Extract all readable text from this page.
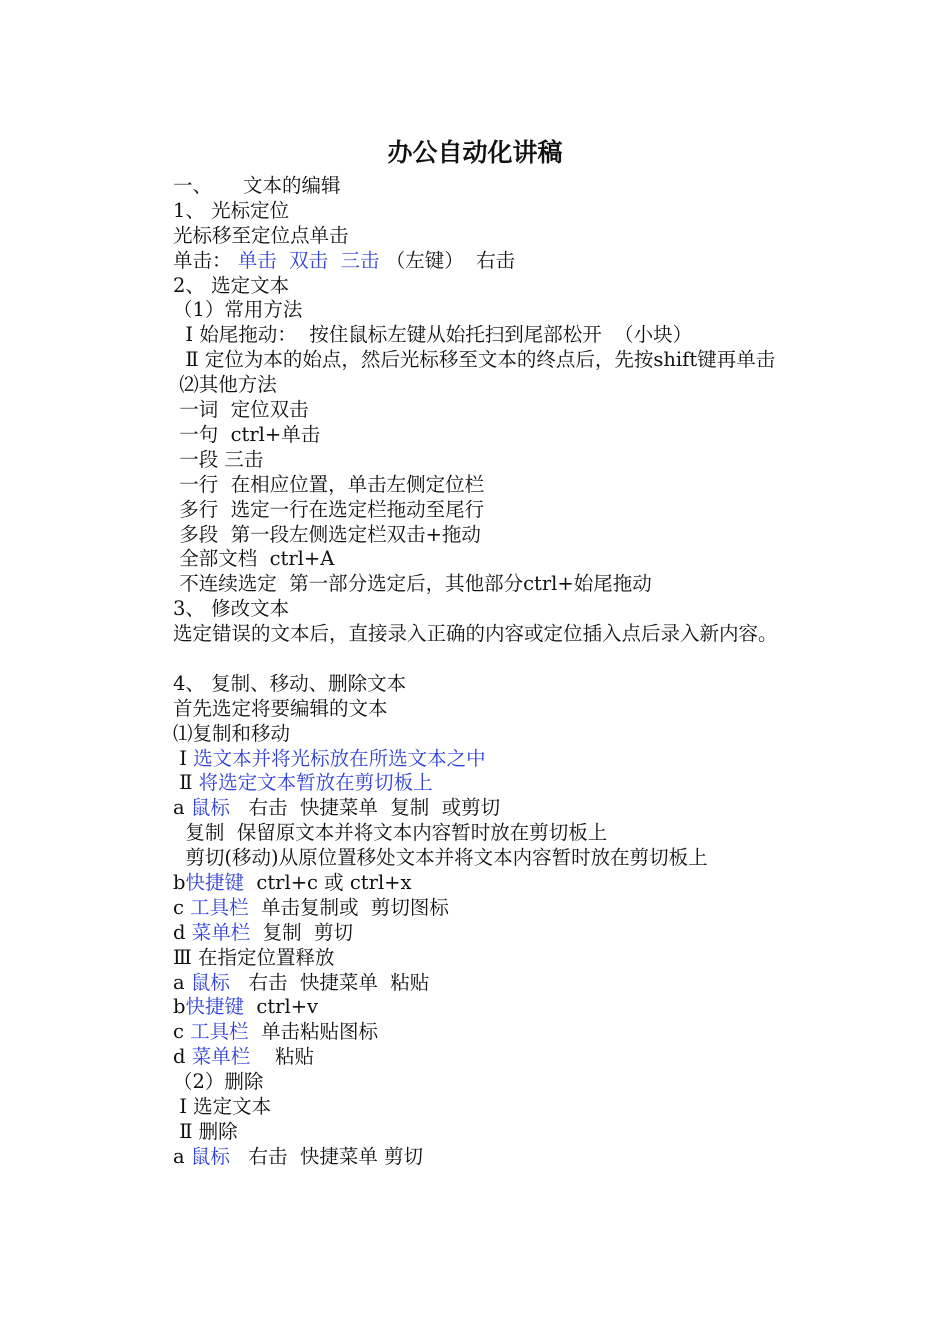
办公自动化讲稿
一、     文本的编辑
1、 光标定位
光标移至定位点单击
单击： 单击  双击  三击 （左键）  右击
2、 选定文本
（1）常用方法
Ⅰ 始尾拖动：  按住鼠标左键从始托扫到尾部松开  （小块）
Ⅱ 定位为本的始点，然后光标移至文本的终点后，先按shift键再单击
⑵其他方法
一词  定位双击
一句  ctrl+单击
一段 三击
一行  在相应位置，单击左侧定位栏
多行  选定一行在选定栏拖动至尾行
多段  第一段左侧选定栏双击+拖动
全部文档  ctrl+A
不连续选定  第一部分选定后，其他部分ctrl+始尾拖动
3、 修改文本
选定错误的文本后，直接录入正确的内容或定位插入点后录入新内容。
4、 复制、移动、删除文本
首先选定将要编辑的文本
⑴复制和移动
Ⅰ 选文本并将光标放在所选文本之中
Ⅱ 将选定文本暂放在剪切板上
a 鼠标   右击  快捷菜单  复制  或剪切
复制  保留原文本并将文本内容暂时放在剪切板上
剪切(移动)从原位置移处文本并将文本内容暂时放在剪切板上
b快捷键  ctrl+c 或 ctrl+x
c 工具栏  单击复制或  剪切图标
d 菜单栏  复制  剪切
Ⅲ 在指定位置释放
a 鼠标   右击  快捷菜单  粘贴
b快捷键  ctrl+v
c 工具栏  单击粘贴图标
d 菜单栏    粘贴
（2）删除
Ⅰ 选定文本
Ⅱ 删除
a 鼠标   右击  快捷菜单 剪切
